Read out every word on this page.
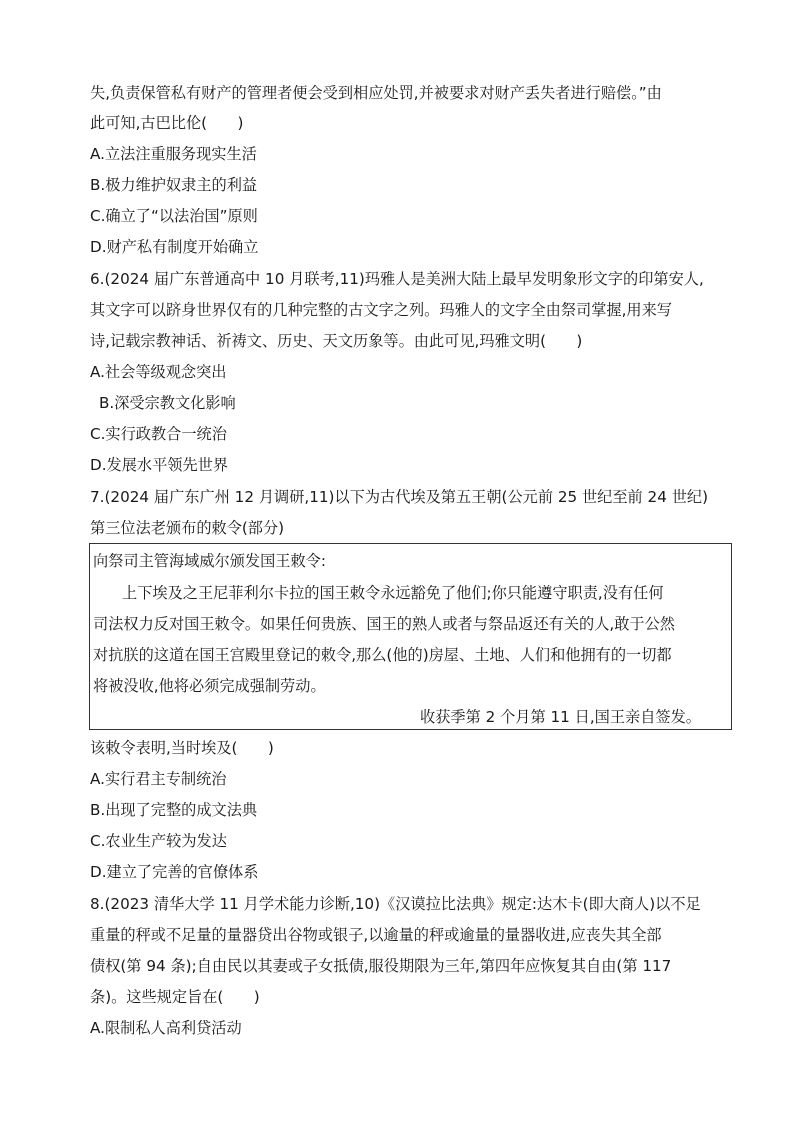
失,负责保管私有财产的管理者便会受到相应处罚,并被要求对财产丢失者进行赔偿。”由
此可知,古巴比伦(　　)
A.立法注重服务现实生活
B.极力维护奴隶主的利益
C.确立了“以法治国”原则
D.财产私有制度开始确立
6.(2024 届广东普通高中 10 月联考,11)玛雅人是美洲大陆上最早发明象形文字的印第安人,
其文字可以跻身世界仅有的几种完整的古文字之列。玛雅人的文字全由祭司掌握,用来写
诗,记载宗教神话、祈祷文、历史、天文历象等。由此可见,玛雅文明(　　)
A.社会等级观念突出
B.深受宗教文化影响
C.实行政教合一统治
D.发展水平领先世界
7.(2024 届广东广州 12 月调研,11)以下为古代埃及第五王朝(公元前 25 世纪至前 24 世纪)
第三位法老颁布的敕令(部分)
向祭司主管海域威尔颁发国王敕令:
上下埃及之王尼菲利尔卡拉的国王敕令永远豁免了他们;你只能遵守职责,没有任何
司法权力反对国王敕令。如果任何贵族、国王的熟人或者与祭品返还有关的人,敢于公然
对抗朕的这道在国王宫殿里登记的敕令,那么(他的)房屋、土地、人们和他拥有的一切都
将被没收,他将必须完成强制劳动。
收获季第 2 个月第 11 日,国王亲自签发。
该敕令表明,当时埃及(　　)
A.实行君主专制统治
B.出现了完整的成文法典
C.农业生产较为发达
D.建立了完善的官僚体系
8.(2023 清华大学 11 月学术能力诊断,10)《汉谟拉比法典》规定:达木卡(即大商人)以不足
重量的秤或不足量的量器贷出谷物或银子,以逾量的秤或逾量的量器收进,应丧失其全部
债权(第 94 条);自由民以其妻或子女抵债,服役期限为三年,第四年应恢复其自由(第 117
条)。这些规定旨在(　　)
A.限制私人高利贷活动
